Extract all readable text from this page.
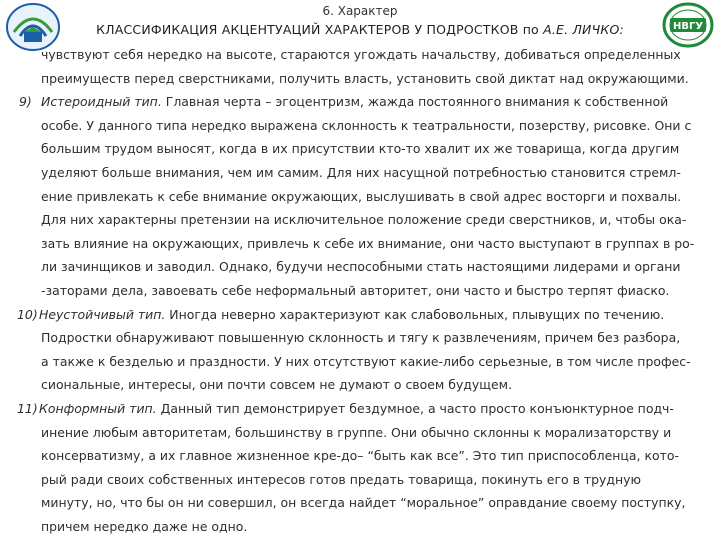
НВГУ
6. Характер
КЛАССИФИКАЦИЯ АКЦЕНТУАЦИЙ ХАРАКТЕРОВ У ПОДРОСТКОВ по А.Е. ЛИЧКО:
чувствуют себя нередко на высоте, стараются угождать начальству, добиваться определенных
преимуществ перед сверстниками, получить власть, установить свой диктат над окружающими.
9) Истероидный тип. Главная черта – эгоцентризм, жажда постоянного внимания к собственной
особе. У данного типа нередко выражена склонность к театральности, позерству, рисовке. Они с
большим трудом выносят, когда в их присутствии кто-то хвалит их же товарища, когда другим
уделяют больше внимания, чем им самим. Для них насущной потребностью становится стремл-
ение привлекать к себе внимание окружающих, выслушивать в свой адрес восторги и похвалы.
Для них характерны претензии на исключительное положение среди сверстников, и, чтобы ока-
зать влияние на окружающих, привлечь к себе их внимание, они часто выступают в группах в ро-
ли зачинщиков и заводил. Однако, будучи неспособными стать настоящими лидерами и органи
-заторами дела, завоевать себе неформальный авторитет, они часто и быстро терпят фиаско.
10)Неустойчивый тип. Иногда неверно характеризуют как слабовольных, плывущих по течению.
Подростки обнаруживают повышенную склонность и тягу к развлечениям, причем без разбора,
а также к безделью и праздности. У них отсутствуют какие-либо серьезные, в том числе профес-
сиональные, интересы, они почти совсем не думают о своем будущем.
11)Конформный тип. Данный тип демонстрирует бездумное, а часто просто конъюнктурное подч-
инение любым авторитетам, большинству в группе. Они обычно склонны к морализаторству и
консерватизму, а их главное жизненное кре-до– “быть как все”. Это тип приспособленца, кото-
рый ради своих собственных интересов готов предать товарища, покинуть его в трудную
минуту, но, что бы он ни совершил, он всегда найдет “моральное” оправдание своему поступку,
причем нередко даже не одно.
